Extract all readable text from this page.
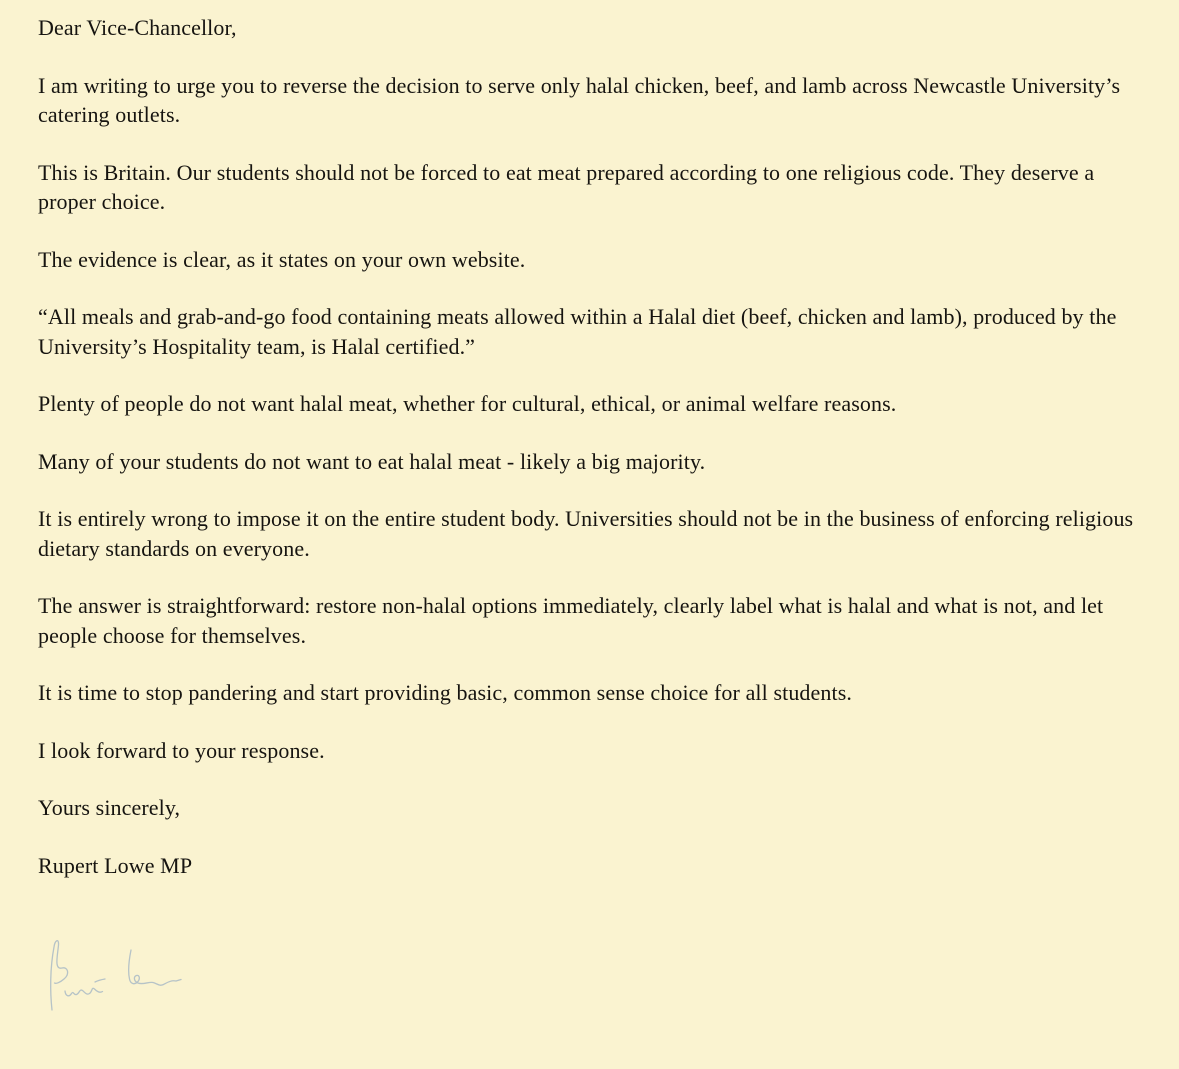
Dear Vice-Chancellor,

I am writing to urge you to reverse the decision to serve only halal chicken, beef, and lamb across Newcastle University’s catering outlets.

This is Britain. Our students should not be forced to eat meat prepared according to one religious code. They deserve a proper choice.

The evidence is clear, as it states on your own website.

“All meals and grab-and-go food containing meats allowed within a Halal diet (beef, chicken and lamb), produced by the University’s Hospitality team, is Halal certified.”

Plenty of people do not want halal meat, whether for cultural, ethical, or animal welfare reasons.

Many of your students do not want to eat halal meat - likely a big majority.

It is entirely wrong to impose it on the entire student body. Universities should not be in the business of enforcing religious dietary standards on everyone.

The answer is straightforward: restore non-halal options immediately, clearly label what is halal and what is not, and let people choose for themselves.

It is time to stop pandering and start providing basic, common sense choice for all students.

I look forward to your response.

Yours sincerely,

Rupert Lowe MP
